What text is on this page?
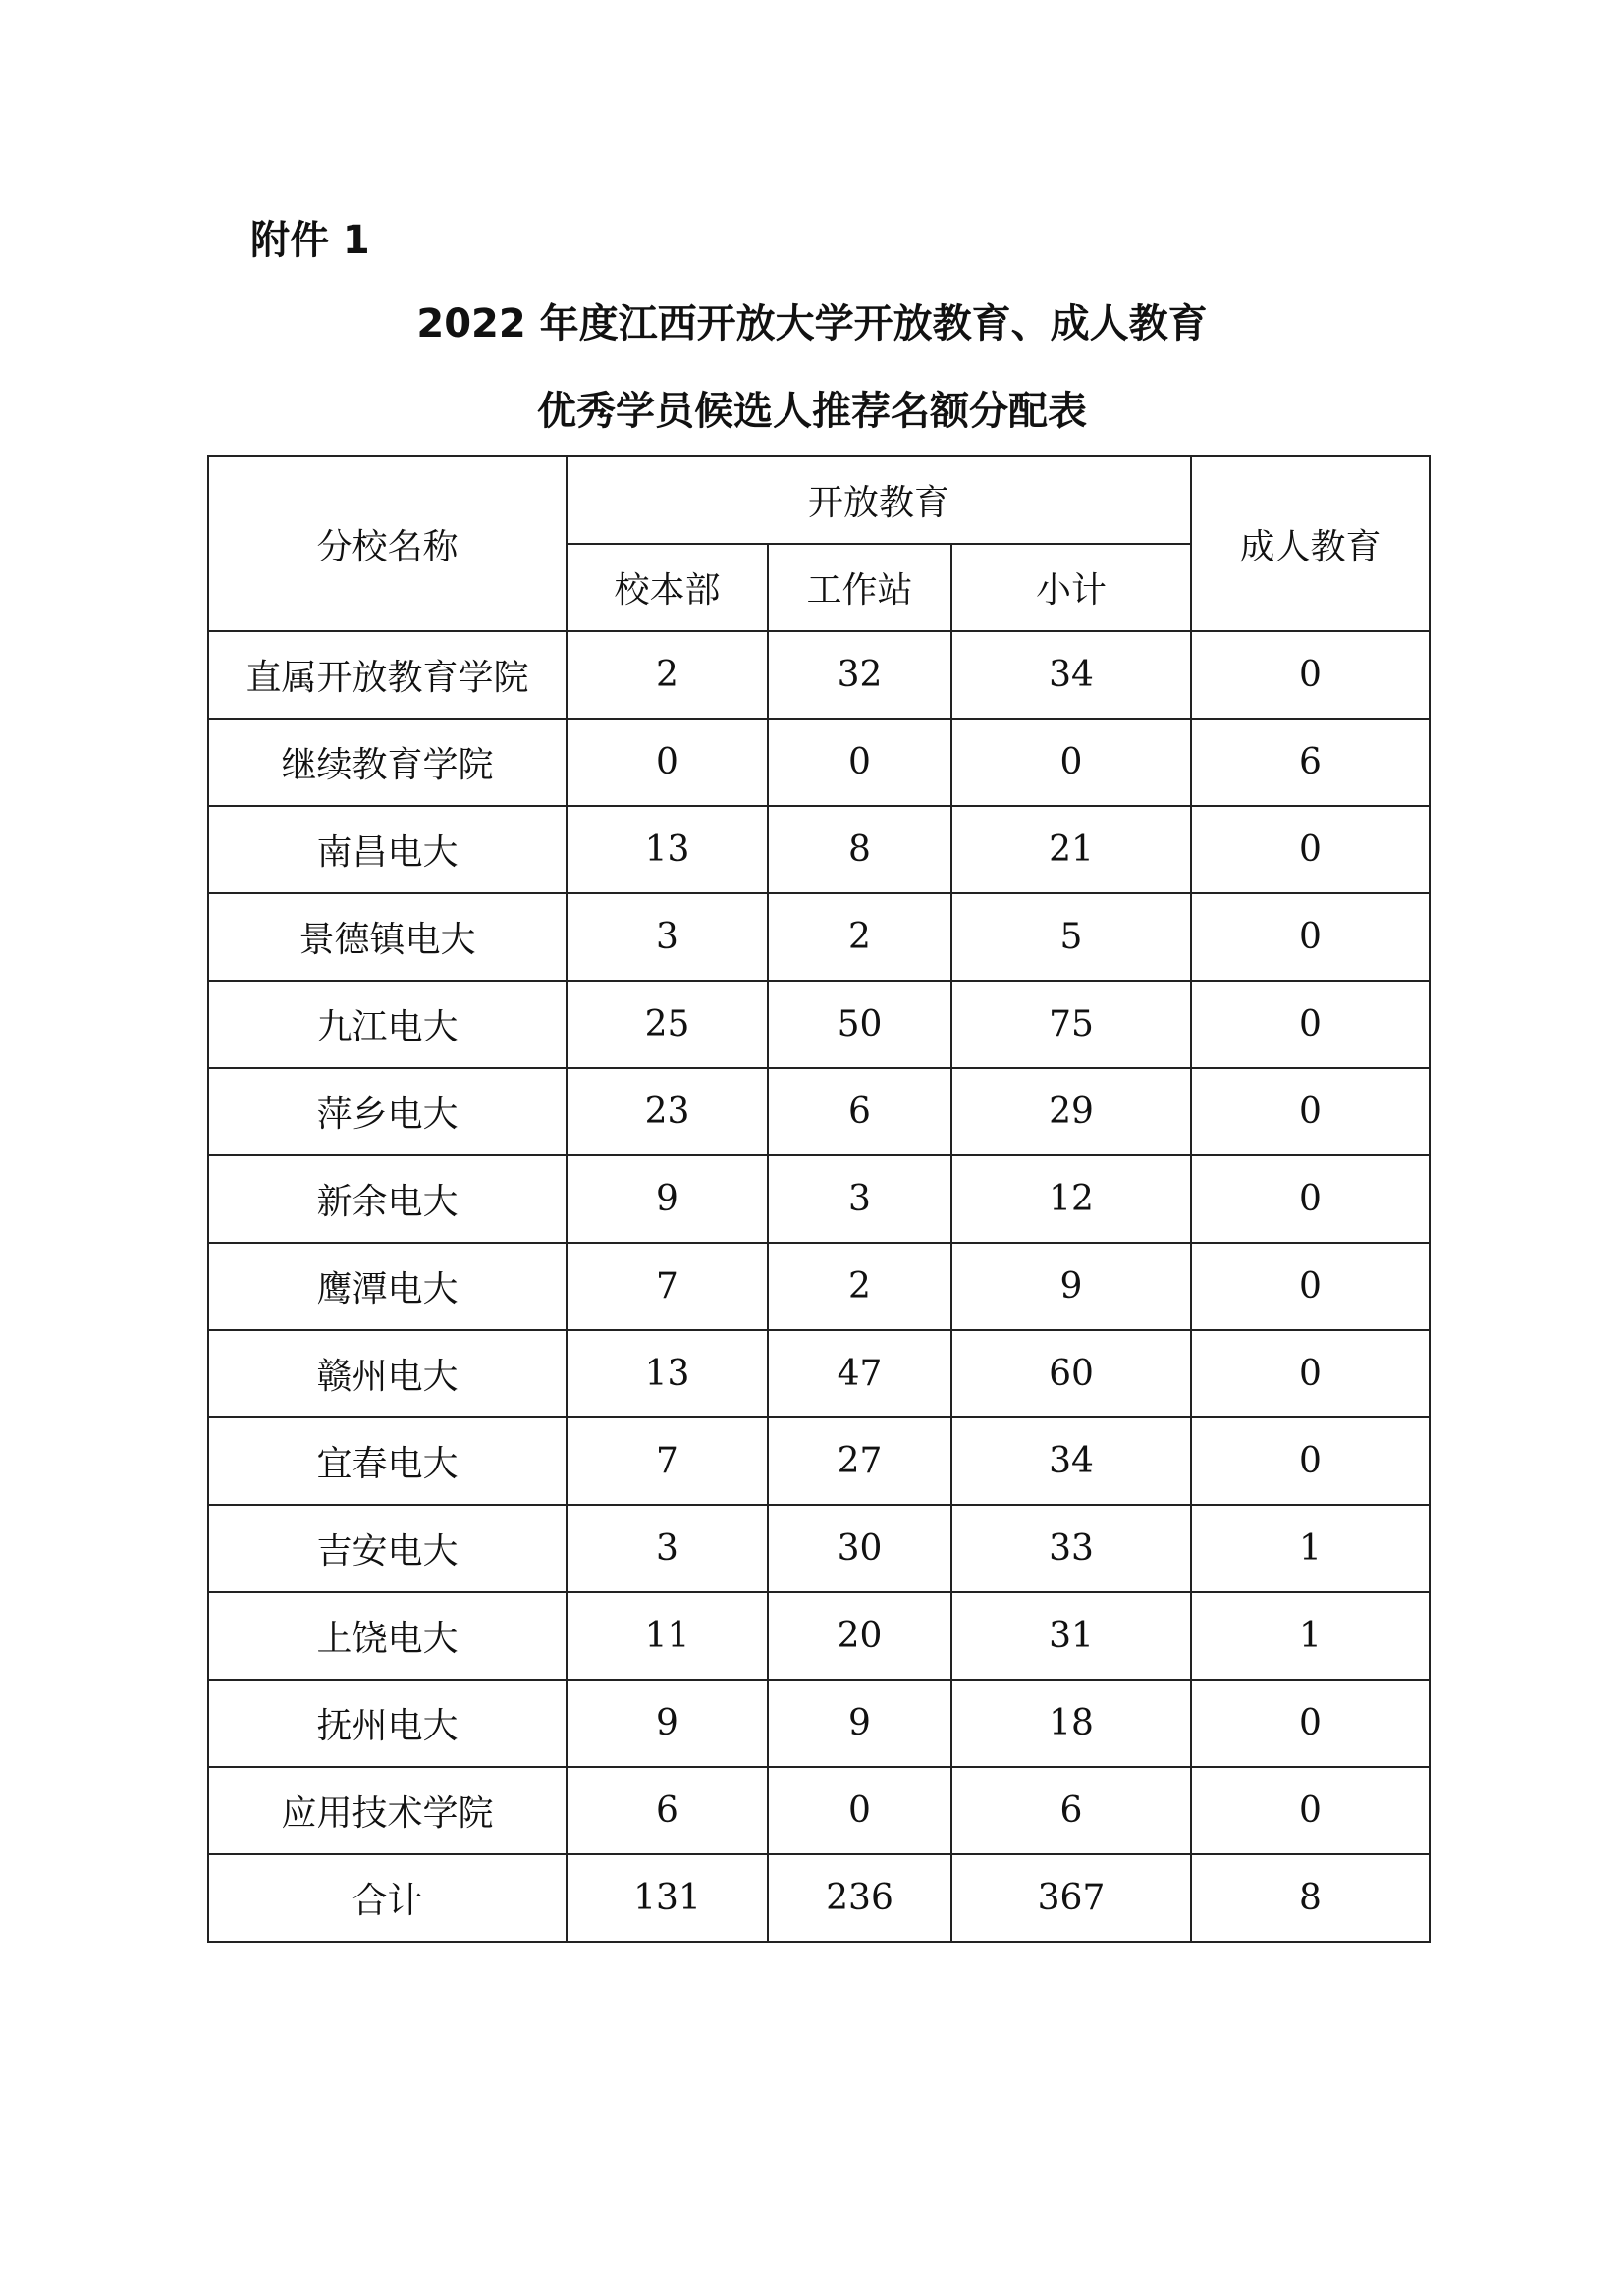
附件 1
2022 年度江西开放大学开放教育、成人教育
优秀学员候选人推荐名额分配表
分校名称	开放教育			成人教育
	校本部	工作站	小计	
直属开放教育学院	2	32	34	0
继续教育学院	0	0	0	6
南昌电大	13	8	21	0
景德镇电大	3	2	5	0
九江电大	25	50	75	0
萍乡电大	23	6	29	0
新余电大	9	3	12	0
鹰潭电大	7	2	9	0
赣州电大	13	47	60	0
宜春电大	7	27	34	0
吉安电大	3	30	33	1
上饶电大	11	20	31	1
抚州电大	9	9	18	0
应用技术学院	6	0	6	0
合计	131	236	367	8
